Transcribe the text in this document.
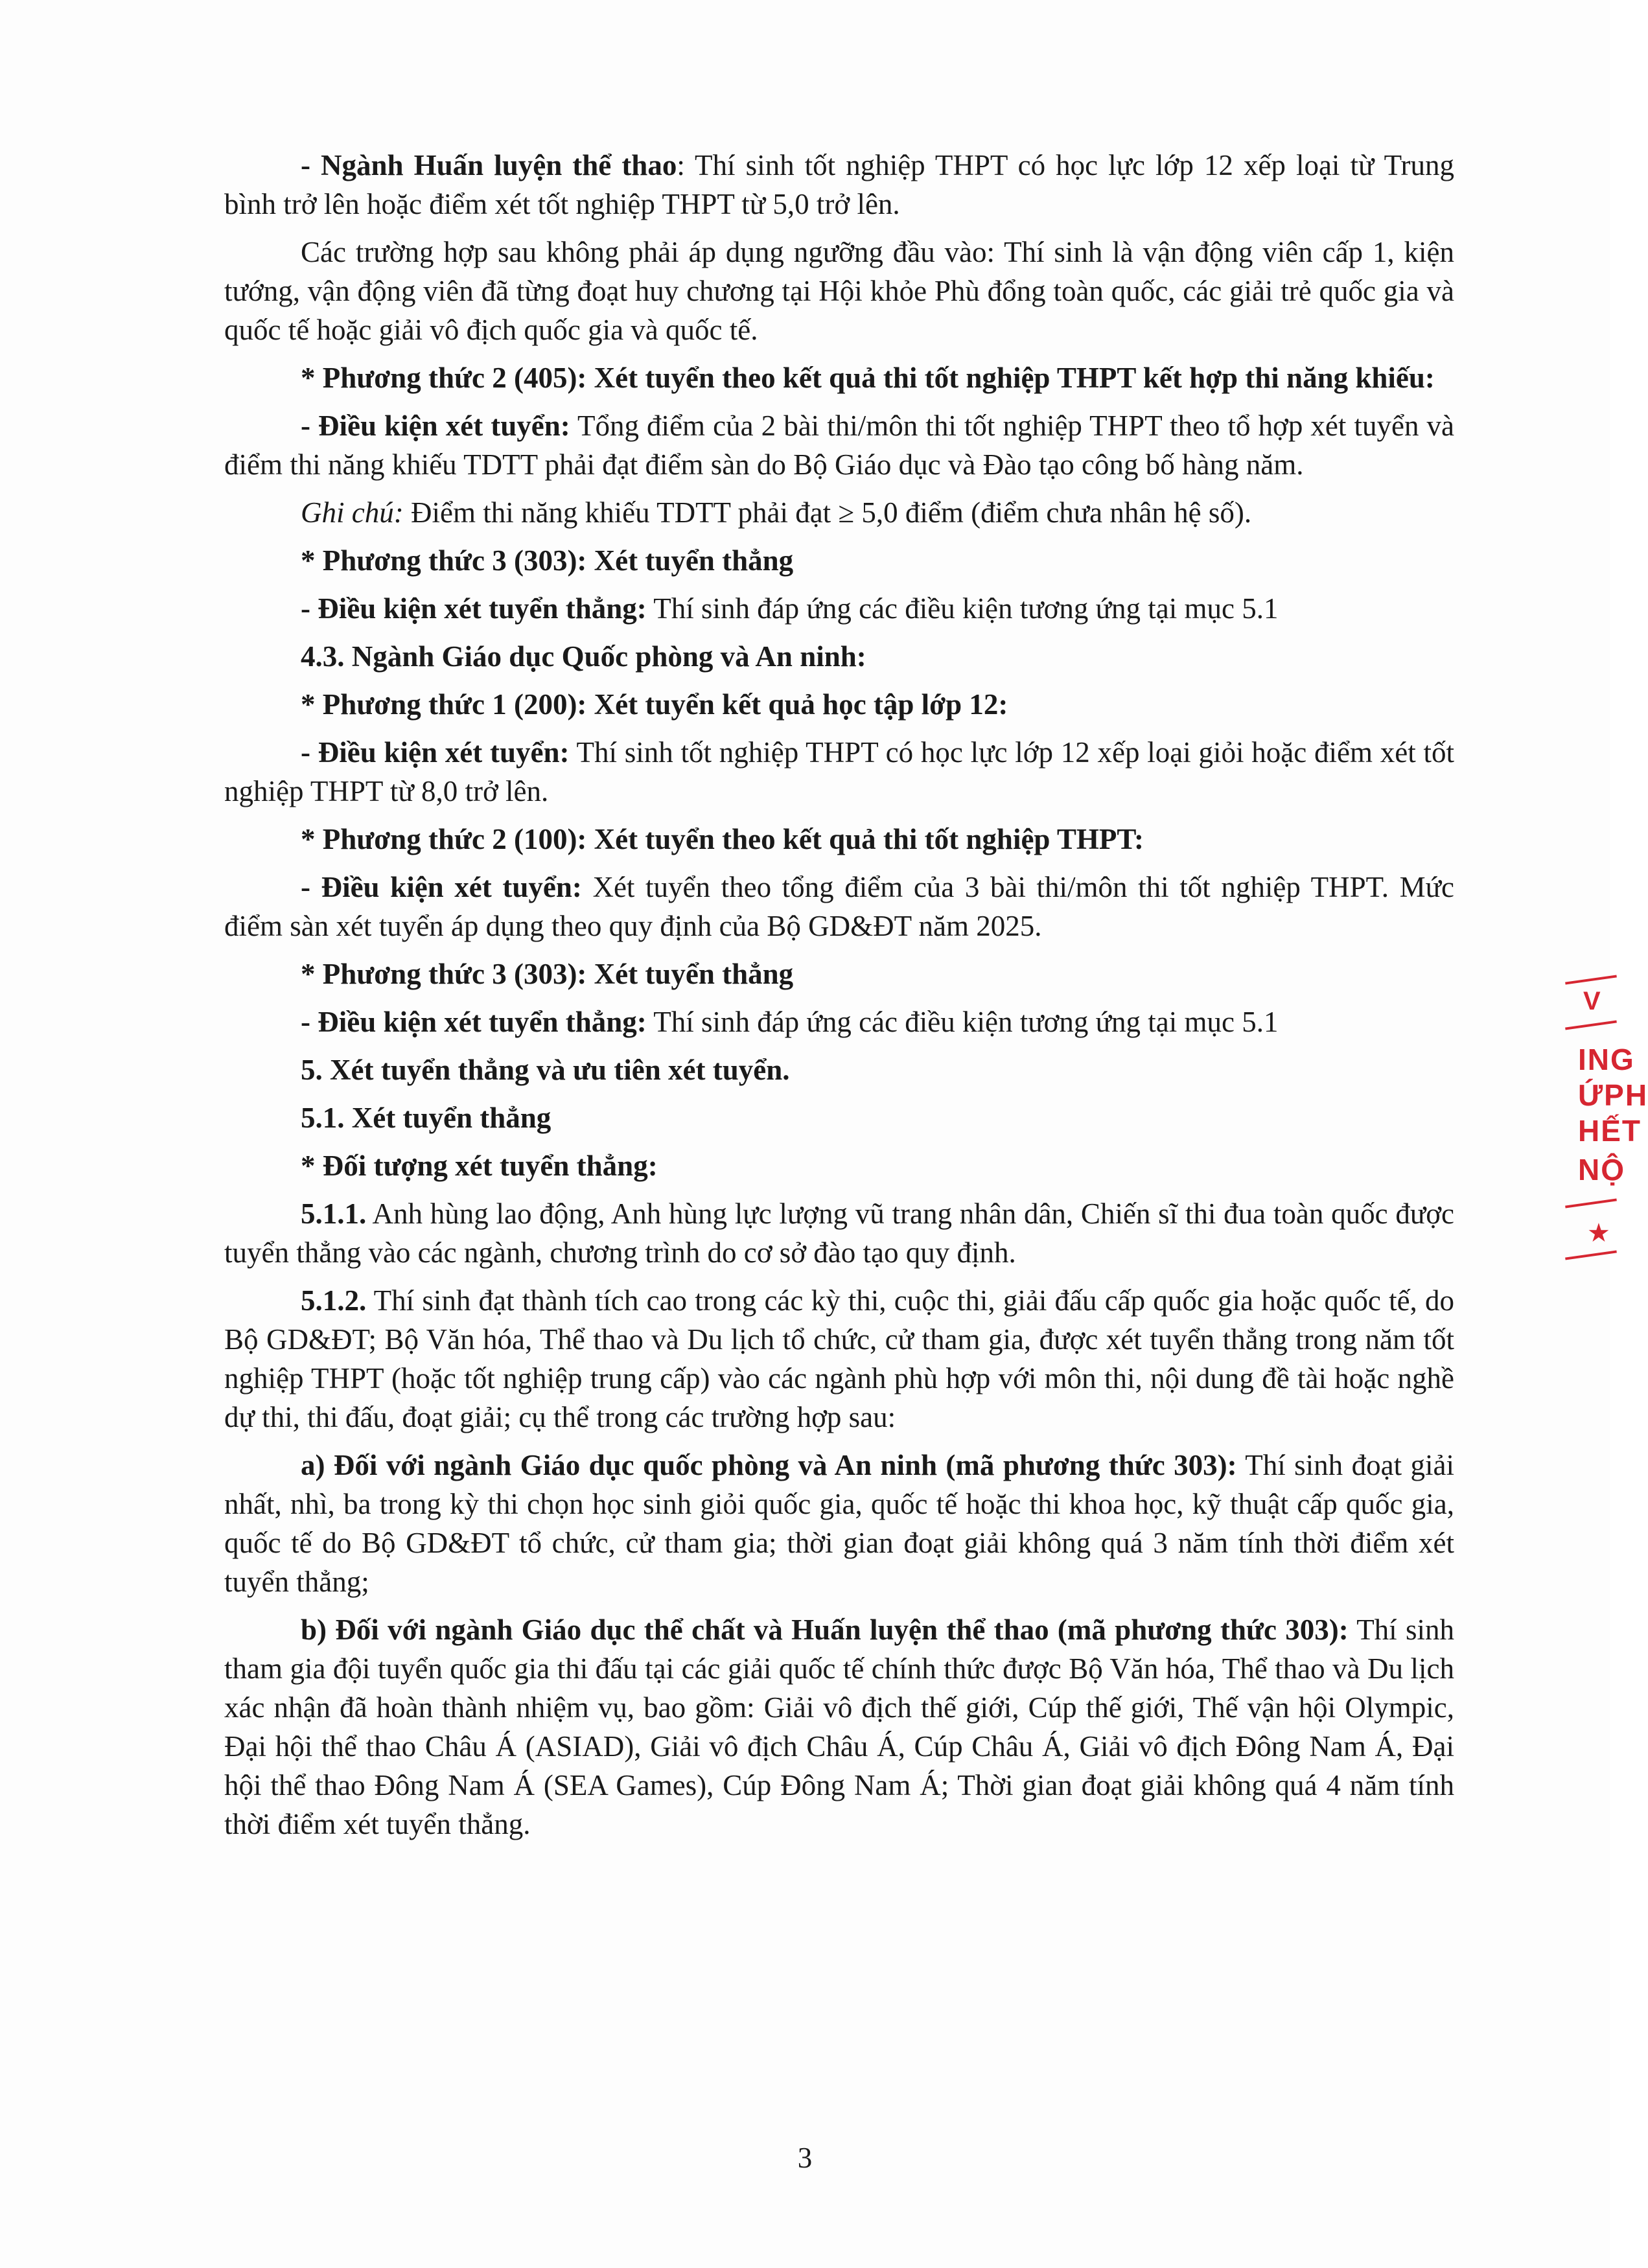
- Ngành Huấn luyện thể thao: Thí sinh tốt nghiệp THPT có học lực lớp 12 xếp loại từ Trung bình trở lên hoặc điểm xét tốt nghiệp THPT từ 5,0 trở lên.

Các trường hợp sau không phải áp dụng ngưỡng đầu vào: Thí sinh là vận động viên cấp 1, kiện tướng, vận động viên đã từng đoạt huy chương tại Hội khỏe Phù đổng toàn quốc, các giải trẻ quốc gia và quốc tế hoặc giải vô địch quốc gia và quốc tế.

* Phương thức 2 (405): Xét tuyển theo kết quả thi tốt nghiệp THPT kết hợp thi năng khiếu:

- Điều kiện xét tuyển: Tổng điểm của 2 bài thi/môn thi tốt nghiệp THPT theo tổ hợp xét tuyển và điểm thi năng khiếu TDTT phải đạt điểm sàn do Bộ Giáo dục và Đào tạo công bố hàng năm.

Ghi chú: Điểm thi năng khiếu TDTT phải đạt ≥ 5,0 điểm (điểm chưa nhân hệ số).

* Phương thức 3 (303): Xét tuyển thẳng

- Điều kiện xét tuyển thẳng: Thí sinh đáp ứng các điều kiện tương ứng tại mục 5.1

4.3. Ngành Giáo dục Quốc phòng và An ninh:

* Phương thức 1 (200): Xét tuyển kết quả học tập lớp 12:

- Điều kiện xét tuyển: Thí sinh tốt nghiệp THPT có học lực lớp 12 xếp loại giỏi hoặc điểm xét tốt nghiệp THPT từ 8,0 trở lên.

* Phương thức 2 (100): Xét tuyển theo kết quả thi tốt nghiệp THPT:

- Điều kiện xét tuyển: Xét tuyển theo tổng điểm của 3 bài thi/môn thi tốt nghiệp THPT. Mức điểm sàn xét tuyển áp dụng theo quy định của Bộ GD&ĐT năm 2025.

* Phương thức 3 (303): Xét tuyển thẳng

- Điều kiện xét tuyển thẳng: Thí sinh đáp ứng các điều kiện tương ứng tại mục 5.1

5. Xét tuyển thẳng và ưu tiên xét tuyển.

5.1. Xét tuyển thẳng

* Đối tượng xét tuyển thẳng:

5.1.1. Anh hùng lao động, Anh hùng lực lượng vũ trang nhân dân, Chiến sĩ thi đua toàn quốc được tuyển thẳng vào các ngành, chương trình do cơ sở đào tạo quy định.

5.1.2. Thí sinh đạt thành tích cao trong các kỳ thi, cuộc thi, giải đấu cấp quốc gia hoặc quốc tế, do Bộ GD&ĐT; Bộ Văn hóa, Thể thao và Du lịch tổ chức, cử tham gia, được xét tuyển thẳng trong năm tốt nghiệp THPT (hoặc tốt nghiệp trung cấp) vào các ngành phù hợp với môn thi, nội dung đề tài hoặc nghề dự thi, thi đấu, đoạt giải; cụ thể trong các trường hợp sau:

a) Đối với ngành Giáo dục quốc phòng và An ninh (mã phương thức 303): Thí sinh đoạt giải nhất, nhì, ba trong kỳ thi chọn học sinh giỏi quốc gia, quốc tế hoặc thi khoa học, kỹ thuật cấp quốc gia, quốc tế do Bộ GD&ĐT tổ chức, cử tham gia; thời gian đoạt giải không quá 3 năm tính thời điểm xét tuyển thẳng;

b) Đối với ngành Giáo dục thể chất và Huấn luyện thể thao (mã phương thức 303): Thí sinh tham gia đội tuyển quốc gia thi đấu tại các giải quốc tế chính thức được Bộ Văn hóa, Thể thao và Du lịch xác nhận đã hoàn thành nhiệm vụ, bao gồm: Giải vô địch thế giới, Cúp thế giới, Thế vận hội Olympic, Đại hội thể thao Châu Á (ASIAD), Giải vô địch Châu Á, Cúp Châu Á, Giải vô địch Đông Nam Á, Đại hội thể thao Đông Nam Á (SEA Games), Cúp Đông Nam Á; Thời gian đoạt giải không quá 4 năm tính thời điểm xét tuyển thẳng.

3
V
ING
ỨPH
HẾT
NỘ
★
